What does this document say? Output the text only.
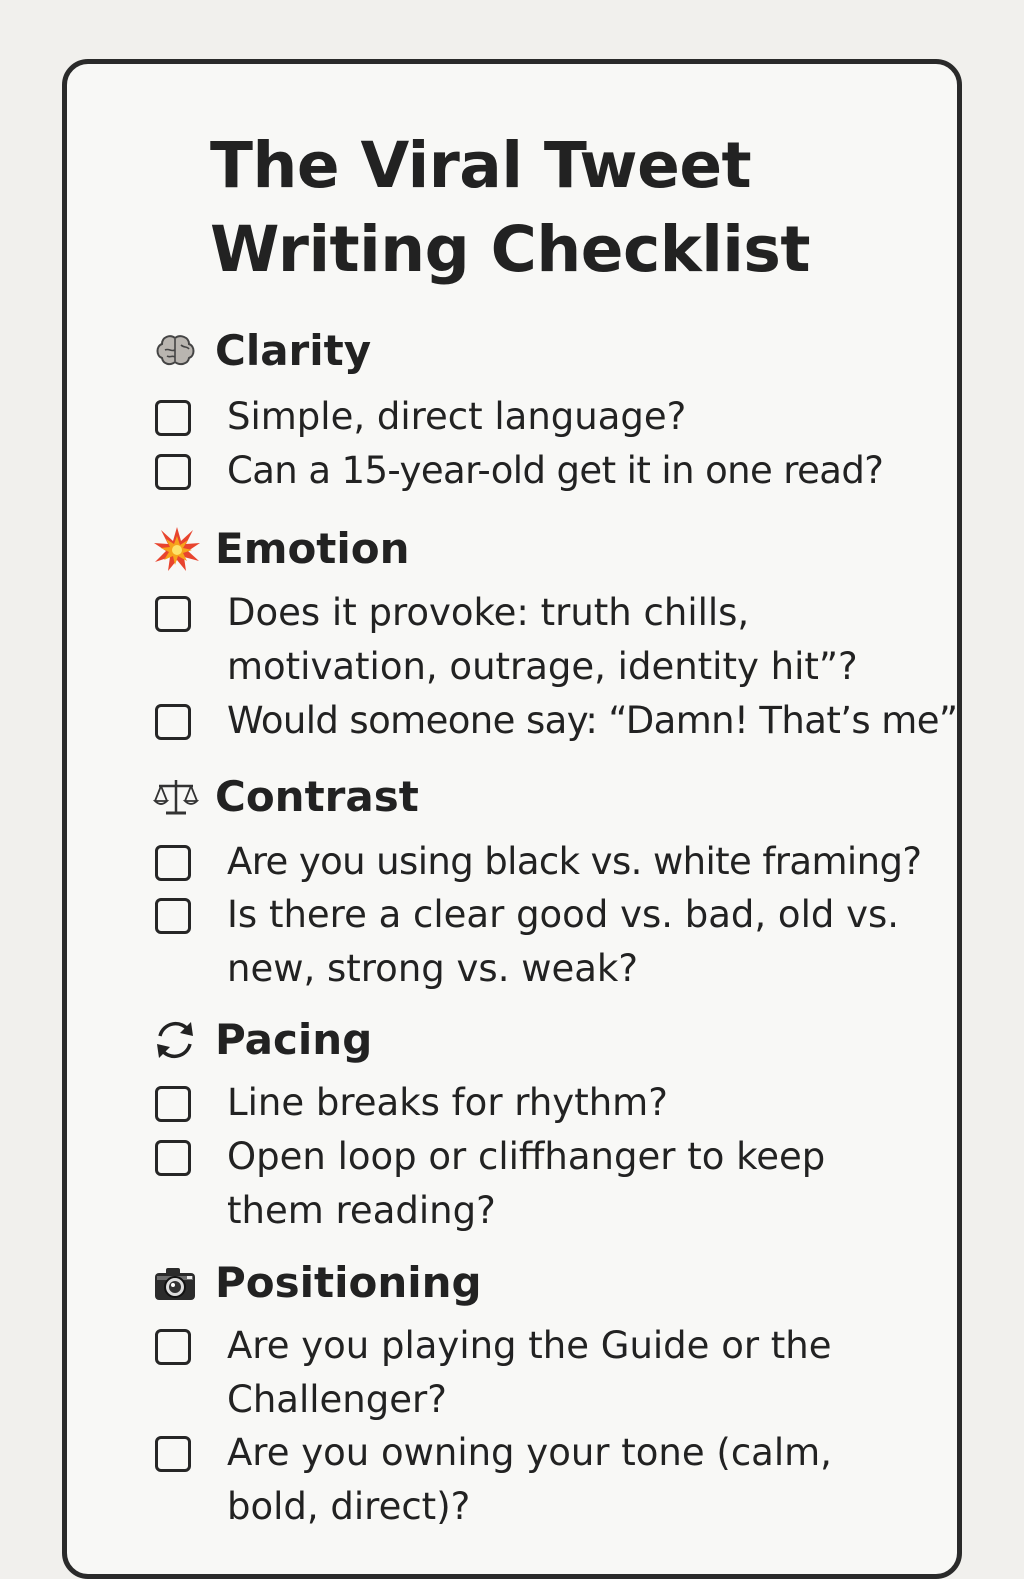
The Viral Tweet
Writing Checklist
Clarity
Simple, direct language?
Can a 15-year-old get it in one read?
Emotion
Does it provoke: truth chills,
motivation, outrage, identity hit”?
Would someone say: “Damn! That’s me”
Contrast
Are you using black vs. white framing?
Is there a clear good vs. bad, old vs.
new, strong vs. weak?
Pacing
Line breaks for rhythm?
Open loop or cliffhanger to keep
them reading?
Positioning
Are you playing the Guide or the
Challenger?
Are you owning your tone (calm,
bold, direct)?
